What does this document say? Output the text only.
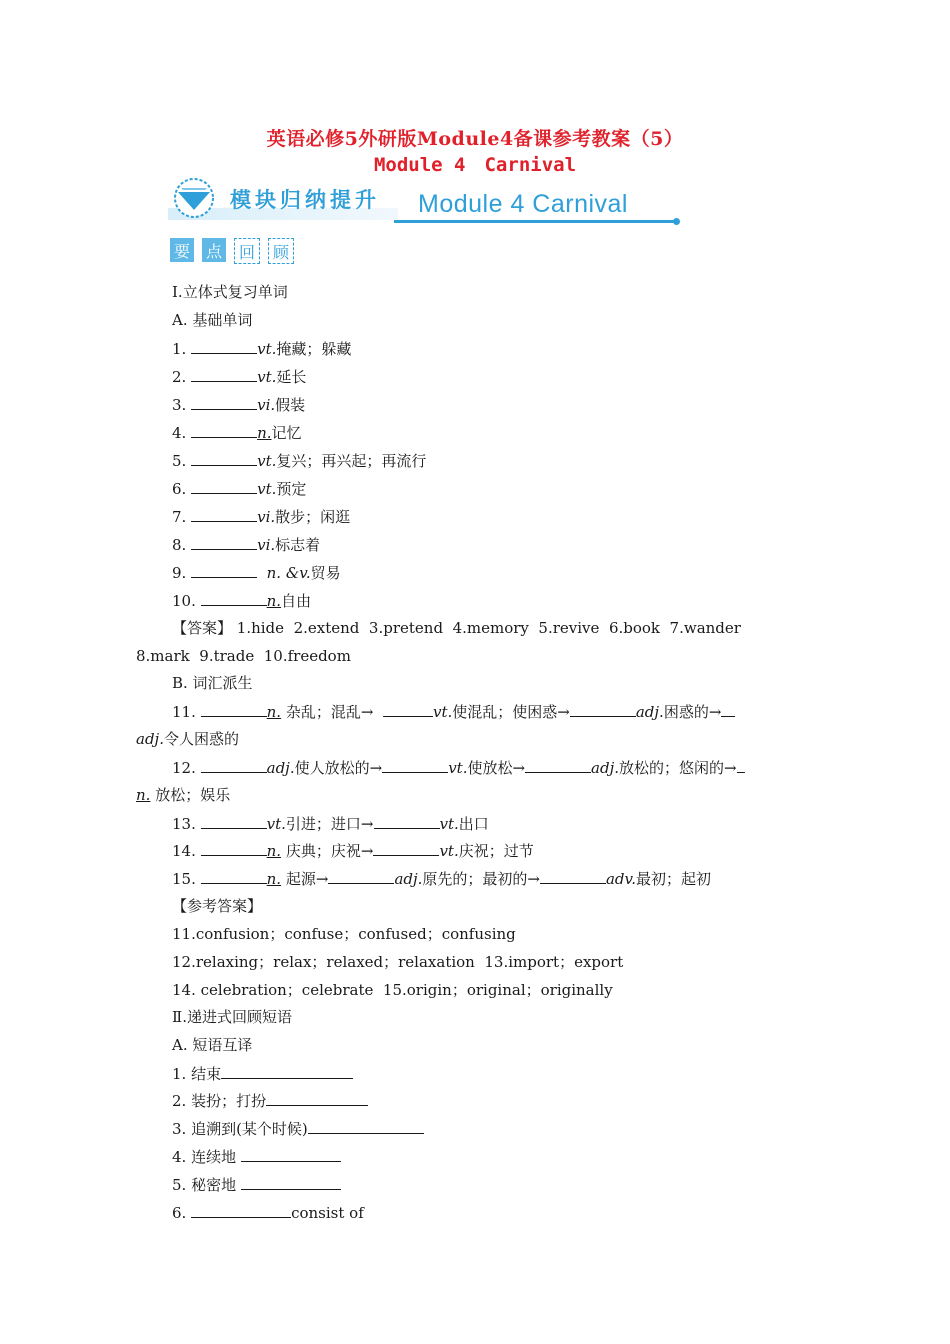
英语必修5外研版Module4备课参考教案（5）
Module 4　Carnival
模块归纳提升 Module 4 Carnival
要 点	回	顾
Ⅰ.立体式复习单词
A. 基础单词
1.	vt.掩藏；躲藏
2.	vt.延长
3.	vi.假装
4.	n.记忆
5.	vt.复兴；再兴起；再流行
6.	vt.预定
7.	vi.散步；闲逛
8.	vi.标志着
9.	n. &v.贸易
10.	n.自由
【答案】 1.hide  2.extend  3.pretend  4.memory  5.revive  6.book  7.wander
8.mark  9.trade  10.freedom
B. 词汇派生
11.	n. 杂乱；混乱→	vt.使混乱；使困惑→	adj.困惑的→
adj.令人困惑的
12.	adj.使人放松的→	vt.使放松→	adj.放松的；悠闲的→
n. 放松；娱乐
13.	vt.引进；进口→	vt.出口
14.	n. 庆典；庆祝→	vt.庆祝；过节
15.	n. 起源→	adj.原先的；最初的→	adv.最初；起初
【参考答案】
11.confusion；confuse；confused；confusing
12.relaxing；relax；relaxed；relaxation  13.import；export
14. celebration；celebrate  15.origin；original；originally
Ⅱ.递进式回顾短语
A. 短语互译
1. 结束
2. 装扮；打扮
3. 追溯到(某个时候)
4. 连续地
5. 秘密地
6.	consist of
